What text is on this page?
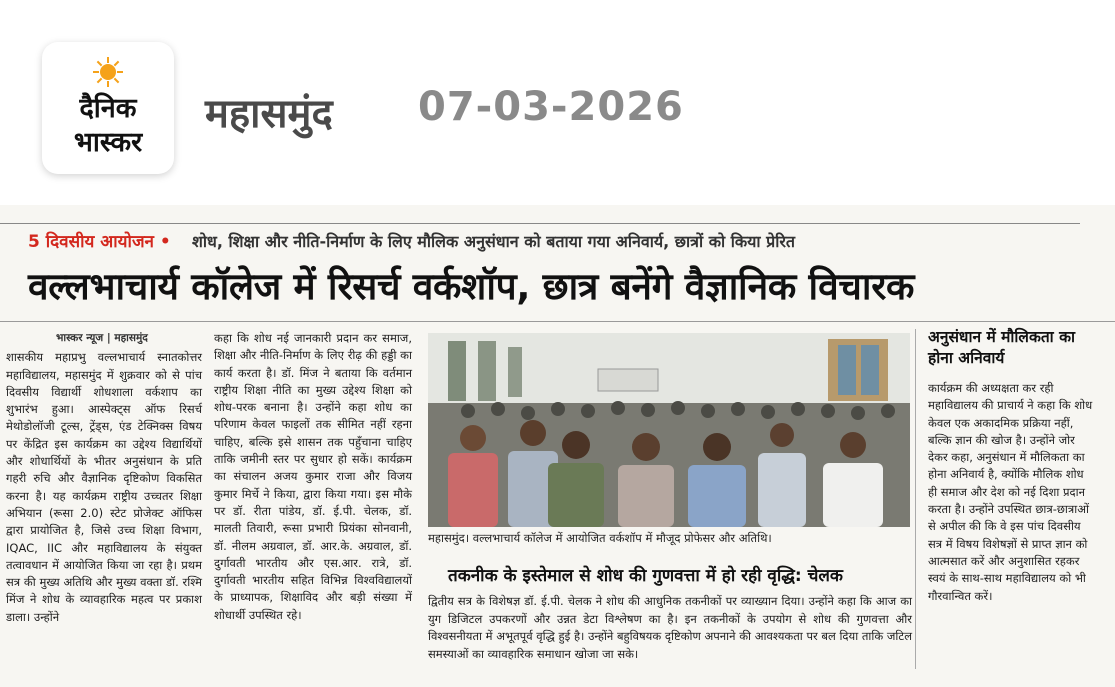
दैनिक
भास्कर
महासमुंद 07-03-2026
5 दिवसीय आयोजन • शोध, शिक्षा और नीति-निर्माण के लिए मौलिक अनुसंधान को बताया गया अनिवार्य, छात्रों को किया प्रेरित
वल्लभाचार्य कॉलेज में रिसर्च वर्कशॉप, छात्र बनेंगे वैज्ञानिक विचारक
भास्कर न्यूज | महासमुंद
शासकीय महाप्रभु वल्लभाचार्य स्नातकोत्तर महाविद्यालय, महासमुंद में शुक्रवार को से पांच दिवसीय विद्यार्थी शोधशाला वर्कशाप का शुभारंभ हुआ। आस्पेक्ट्स ऑफ रिसर्च मेथोडोलॉजी टूल्स, ट्रेंड्स, एंड टेक्निक्स विषय पर केंद्रित इस कार्यक्रम का उद्देश्य विद्यार्थियों और शोधार्थियों के भीतर अनुसंधान के प्रति गहरी रुचि और वैज्ञानिक दृष्टिकोण विकसित करना है। यह कार्यक्रम राष्ट्रीय उच्चतर शिक्षा अभियान (रूसा 2.0) स्टेट प्रोजेक्ट ऑफिस द्वारा प्रायोजित है, जिसे उच्च शिक्षा विभाग, IQAC, IIC और महाविद्यालय के संयुक्त तत्वावधान में आयोजित किया जा रहा है। प्रथम सत्र की मुख्य अतिथि और मुख्य वक्ता डॉ. रश्मि मिंज ने शोध के व्यावहारिक महत्व पर प्रकाश डाला। उन्होंने
कहा कि शोध नई जानकारी प्रदान कर समाज, शिक्षा और नीति-निर्माण के लिए रीढ़ की हड्डी का कार्य करता है। डॉ. मिंज ने बताया कि वर्तमान राष्ट्रीय शिक्षा नीति का मुख्य उद्देश्य शिक्षा को शोध-परक बनाना है। उन्होंने कहा शोध का परिणाम केवल फाइलों तक सीमित नहीं रहना चाहिए, बल्कि इसे शासन तक पहुँचाना चाहिए ताकि जमीनी स्तर पर सुधार हो सकें। कार्यक्रम का संचालन अजय कुमार राजा और विजय कुमार मिर्चे ने किया, द्वारा किया गया। इस मौके पर डॉ. रीता पांडेय, डॉ. ई.पी. चेलक, डॉ. मालती तिवारी, रूसा प्रभारी प्रियंका सोनवानी, डॉ. नीलम अग्रवाल, डॉ. आर.के. अग्रवाल, डॉ. दुर्गावती भारतीय और एस.आर. रात्रे, डॉ. दुर्गावती भारतीय सहित विभिन्न विश्वविद्यालयों के प्राध्यापक, शिक्षाविद और बड़ी संख्या में शोधार्थी उपस्थित रहे।
महासमुंद। वल्लभाचार्य कॉलेज में आयोजित वर्कशॉप में मौजूद प्रोफेसर और अतिथि।
तकनीक के इस्तेमाल से शोध की गुणवत्ता में हो रही वृद्धि: चेलक
द्वितीय सत्र के विशेषज्ञ डॉ. ई.पी. चेलक ने शोध की आधुनिक तकनीकों पर व्याख्यान दिया। उन्होंने कहा कि आज का युग डिजिटल उपकरणों और उन्नत डेटा विश्लेषण का है। इन तकनीकों के उपयोग से शोध की गुणवत्ता और विश्वसनीयता में अभूतपूर्व वृद्धि हुई है। उन्होंने बहुविषयक दृष्टिकोण अपनाने की आवश्यकता पर बल दिया ताकि जटिल समस्याओं का व्यावहारिक समाधान खोजा जा सके।
अनुसंधान में मौलिकता का होना अनिवार्य
कार्यक्रम की अध्यक्षता कर रही महाविद्यालय की प्राचार्य ने कहा कि शोध केवल एक अकादमिक प्रक्रिया नहीं, बल्कि ज्ञान की खोज है। उन्होंने जोर देकर कहा, अनुसंधान में मौलिकता का होना अनिवार्य है, क्योंकि मौलिक शोध ही समाज और देश को नई दिशा प्रदान करता है। उन्होंने उपस्थित छात्र-छात्राओं से अपील की कि वे इस पांच दिवसीय सत्र में विषय विशेषज्ञों से प्राप्त ज्ञान को आत्मसात करें और अनुशासित रहकर स्वयं के साथ-साथ महाविद्यालय को भी गौरवान्वित करें।
